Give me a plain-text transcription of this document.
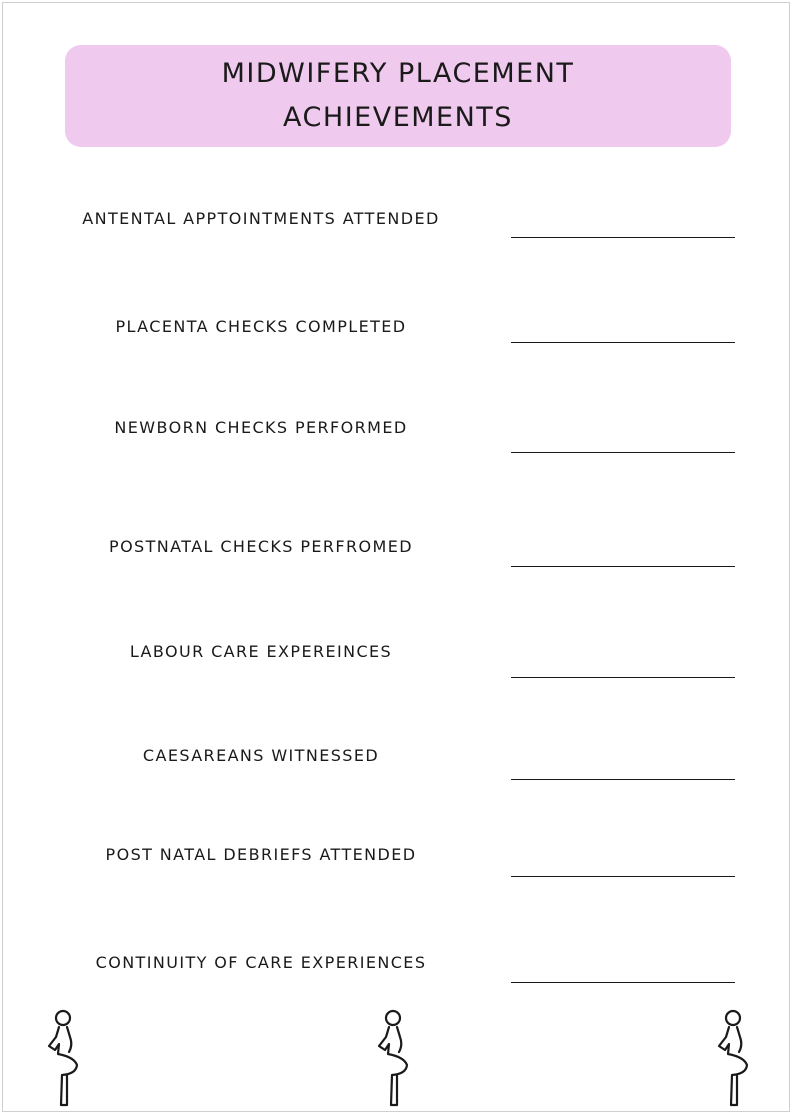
MIDWIFERY PLACEMENT
ACHIEVEMENTS
ANTENTAL APPTOINTMENTS ATTENDED
PLACENTA CHECKS COMPLETED
NEWBORN CHECKS PERFORMED
POSTNATAL CHECKS PERFROMED
LABOUR CARE EXPEREINCES
CAESAREANS WITNESSED
POST NATAL DEBRIEFS ATTENDED
CONTINUITY OF CARE EXPERIENCES
